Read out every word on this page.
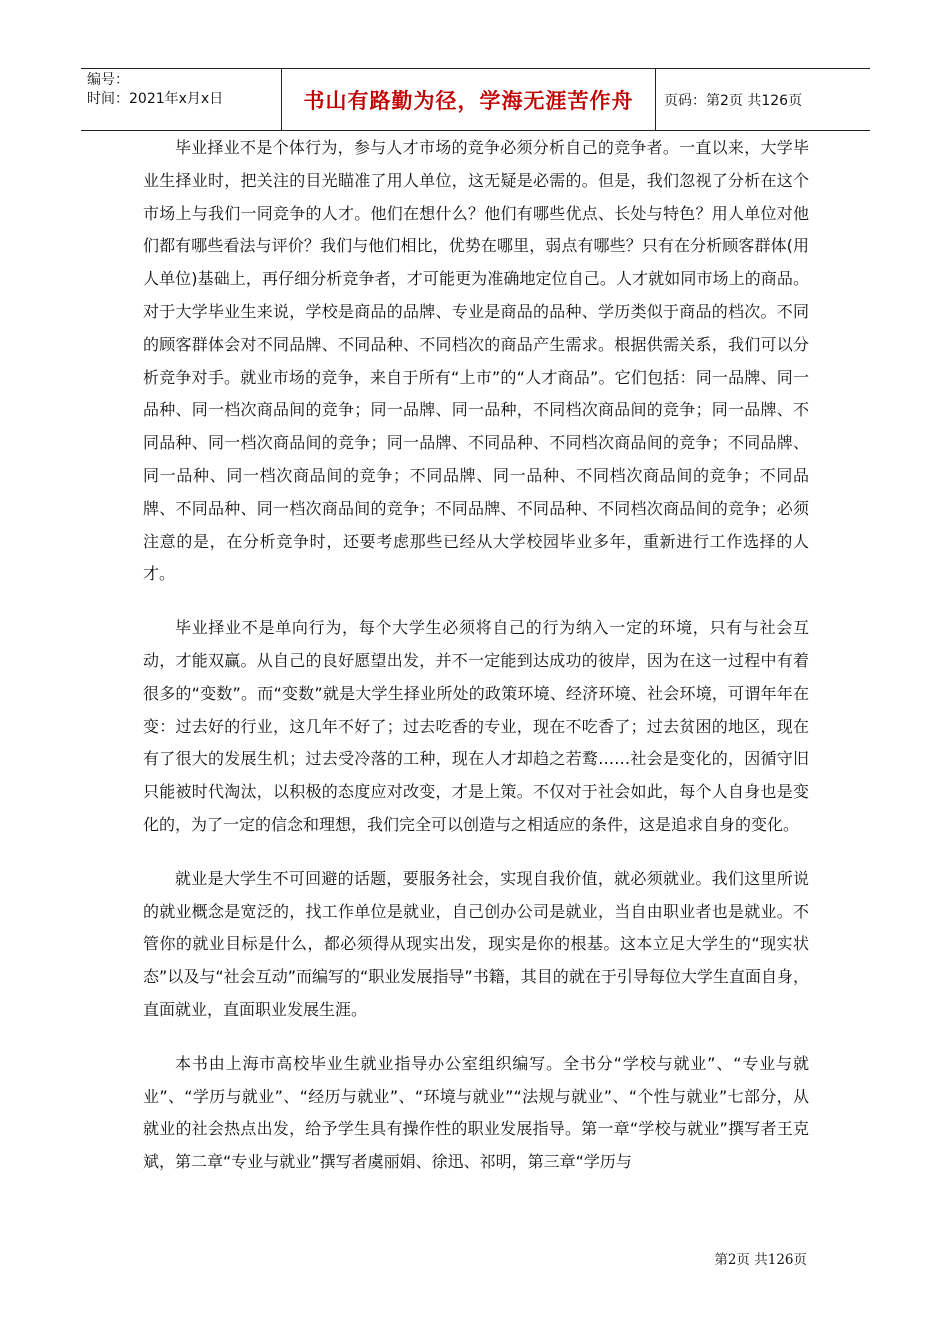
编号：
时间：2021年x月x日	书山有路勤为径，学海无涯苦作舟	页码：第2页 共126页

毕业择业不是个体行为，参与人才市场的竞争必须分析自己的竞争者。一直以来，大学毕业生择业时，把关注的目光瞄准了用人单位，这无疑是必需的。但是，我们忽视了分析在这个市场上与我们一同竞争的人才。他们在想什么？他们有哪些优点、长处与特色？用人单位对他们都有哪些看法与评价？我们与他们相比，优势在哪里，弱点有哪些？只有在分析顾客群体(用人单位)基础上，再仔细分析竞争者，才可能更为准确地定位自己。人才就如同市场上的商品。对于大学毕业生来说，学校是商品的品牌、专业是商品的品种、学历类似于商品的档次。不同的顾客群体会对不同品牌、不同品种、不同档次的商品产生需求。根据供需关系，我们可以分析竞争对手。就业市场的竞争，来自于所有“上市”的“人才商品”。它们包括：同一品牌、同一品种、同一档次商品间的竞争；同一品牌、同一品种，不同档次商品间的竞争；同一品牌、不同品种、同一档次商品间的竞争；同一品牌、不同品种、不同档次商品间的竞争；不同品牌、同一品种、同一档次商品间的竞争；不同品牌、同一品种、不同档次商品间的竞争；不同品牌、不同品种、同一档次商品间的竞争；不同品牌、不同品种、不同档次商品间的竞争；必须注意的是，在分析竞争时，还要考虑那些已经从大学校园毕业多年，重新进行工作选择的人才。

毕业择业不是单向行为，每个大学生必须将自己的行为纳入一定的环境，只有与社会互动，才能双赢。从自己的良好愿望出发，并不一定能到达成功的彼岸，因为在这一过程中有着很多的“变数”。而“变数”就是大学生择业所处的政策环境、经济环境、社会环境，可谓年年在变：过去好的行业，这几年不好了；过去吃香的专业，现在不吃香了；过去贫困的地区，现在有了很大的发展生机；过去受冷落的工种，现在人才却趋之若鹜……社会是变化的，因循守旧只能被时代淘汰，以积极的态度应对改变，才是上策。不仅对于社会如此，每个人自身也是变化的，为了一定的信念和理想，我们完全可以创造与之相适应的条件，这是追求自身的变化。

就业是大学生不可回避的话题，要服务社会，实现自我价值，就必须就业。我们这里所说的就业概念是宽泛的，找工作单位是就业，自己创办公司是就业，当自由职业者也是就业。不管你的就业目标是什么，都必须得从现实出发，现实是你的根基。这本立足大学生的“现实状态”以及与“社会互动”而编写的“职业发展指导”书籍，其目的就在于引导每位大学生直面自身，直面就业，直面职业发展生涯。

本书由上海市高校毕业生就业指导办公室组织编写。全书分“学校与就业”、“专业与就业”、“学历与就业”、“经历与就业”、“环境与就业”“法规与就业”、“个性与就业”七部分，从就业的社会热点出发，给予学生具有操作性的职业发展指导。第一章“学校与就业”撰写者王克斌，第二章“专业与就业”撰写者虞丽娟、徐迅、祁明，第三章“学历与

第2页 共126页
